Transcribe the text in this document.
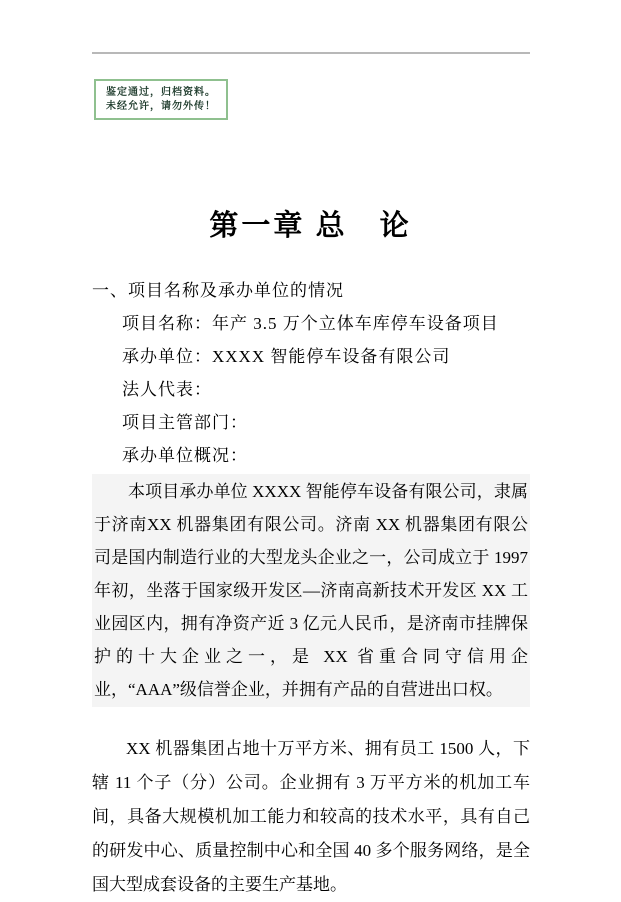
鉴定通过，归档资料。
未经允许，请勿外传！
第一章 总　论

一、项目名称及承办单位的情况

项目名称：年产 3.5 万个立体车库停车设备项目

承办单位：XXXX 智能停车设备有限公司

法人代表：

项目主管部门：

承办单位概况：

本项目承办单位 XXXX 智能停车设备有限公司，隶属于济南XX 机器集团有限公司。济南 XX 机器集团有限公司是国内制造行业的大型龙头企业之一，公司成立于 1997 年初，坐落于国家级开发区—济南高新技术开发区 XX 工业园区内，拥有净资产近 3 亿元人民币，是济南市挂牌保护的十大企业之一，是 XX 省重合同守信用企业，“AAA”级信誉企业，并拥有产品的自营进出口权。

XX 机器集团占地十万平方米、拥有员工 1500 人，下辖 11 个子（分）公司。企业拥有 3 万平方米的机加工车间，具备大规模机加工能力和较高的技术水平，具有自己的研发中心、质量控制中心和全国 40 多个服务网络，是全国大型成套设备的主要生产基地。
